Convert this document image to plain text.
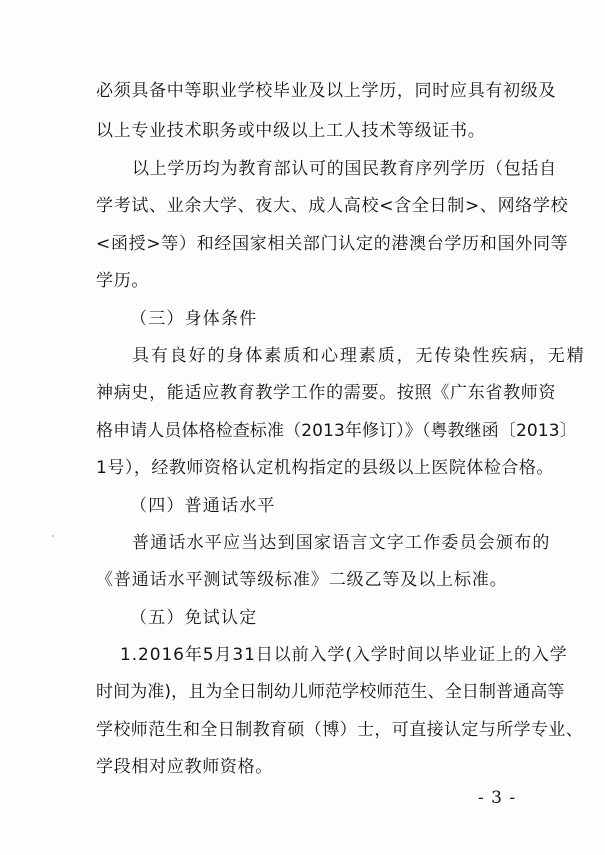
必须具备中等职业学校毕业及以上学历，同时应具有初级及
以上专业技术职务或中级以上工人技术等级证书。
以上学历均为教育部认可的国民教育序列学历（包括自
学考试、业余大学、夜大、成人高校<含全日制>、网络学校
<函授>等）和经国家相关部门认定的港澳台学历和国外同等
学历。
（三）身体条件
具有良好的身体素质和心理素质，无传染性疾病，无精
神病史，能适应教育教学工作的需要。按照《广东省教师资
格申请人员体格检查标准（2013年修订）》（粤教继函〔2013〕
1号），经教师资格认定机构指定的县级以上医院体检合格。
（四）普通话水平
普通话水平应当达到国家语言文字工作委员会颁布的
《普通话水平测试等级标准》二级乙等及以上标准。
（五）免试认定
1.2016年5月31日以前入学(入学时间以毕业证上的入学
时间为准)，且为全日制幼儿师范学校师范生、全日制普通高等
学校师范生和全日制教育硕（博）士，可直接认定与所学专业、
学段相对应教师资格。
- 3 -
